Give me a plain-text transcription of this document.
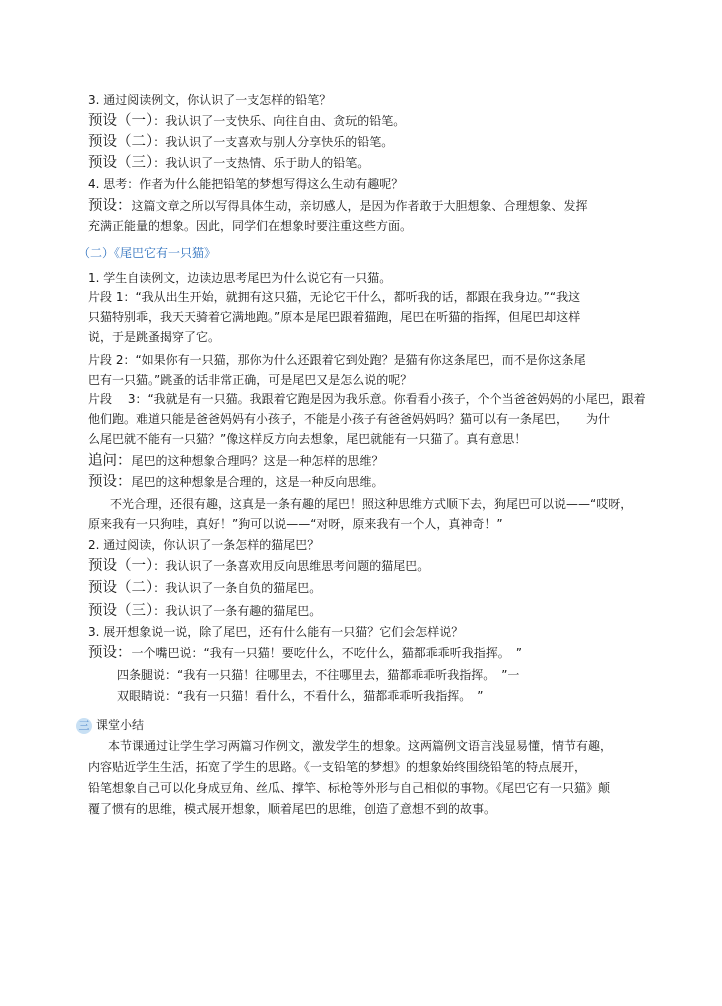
3. 通过阅读例文，你认识了一支怎样的铅笔？
预设（一）：我认识了一支快乐、向往自由、贪玩的铅笔。
预设（二）：我认识了一支喜欢与别人分享快乐的铅笔。
预设（三）：我认识了一支热情、乐于助人的铅笔。
4. 思考：作者为什么能把铅笔的梦想写得这么生动有趣呢？
预设：这篇文章之所以写得具体生动，亲切感人，是因为作者敢于大胆想象、合理想象、发挥
充满正能量的想象。因此，同学们在想象时要注重这些方面。
（二）《尾巴它有一只猫》
1. 学生自读例文，边读边思考尾巴为什么说它有一只猫。
片段 1：“我从出生开始，就拥有这只猫，无论它干什么，都听我的话，都跟在我身边。”“我这
只猫特别乖，我天天骑着它满地跑。”原本是尾巴跟着猫跑，尾巴在听猫的指挥，但尾巴却这样
说，于是跳蚤揭穿了它。
片段 2：“如果你有一只猫，那你为什么还跟着它到处跑？是猫有你这条尾巴，而不是你这条尾
巴有一只猫。”跳蚤的话非常正确，可是尾巴又是怎么说的呢？
片段　 3：“我就是有一只猫。我跟着它跑是因为我乐意。你看看小孩子，个个当爸爸妈妈的小尾巴，跟着
他们跑。难道只能是爸爸妈妈有小孩子，不能是小孩子有爸爸妈妈吗？猫可以有一条尾巴，　　为什
么尾巴就不能有一只猫？”像这样反方向去想象，尾巴就能有一只猫了。真有意思！
追问：尾巴的这种想象合理吗？这是一种怎样的思维？
预设：尾巴的这种想象是合理的，这是一种反向思维。
不光合理，还很有趣，这真是一条有趣的尾巴！照这种思维方式顺下去，狗尾巴可以说——“哎呀，
原来我有一只狗哇，真好！”狗可以说——“对呀，原来我有一个人，真神奇！”
2. 通过阅读，你认识了一条怎样的猫尾巴？
预设（一）：我认识了一条喜欢用反向思维思考问题的猫尾巴。
预设（二）：我认识了一条自负的猫尾巴。
预设（三）：我认识了一条有趣的猫尾巴。
3. 展开想象说一说，除了尾巴，还有什么能有一只猫？它们会怎样说？
预设：一个嘴巴说：“我有一只猫！要吃什么，不吃什么，猫都乖乖听我指挥。　”
四条腿说：“我有一只猫！往哪里去，不往哪里去，猫都乖乖听我指挥。　”一
双眼睛说：“我有一只猫！看什么，不看什么，猫都乖乖听我指挥。　”
三 课堂小结
本节课通过让学生学习两篇习作例文，激发学生的想象。这两篇例文语言浅显易懂，情节有趣，
内容贴近学生生活，拓宽了学生的思路。《一支铅笔的梦想》的想象始终围绕铅笔的特点展开，
铅笔想象自己可以化身成豆角、丝瓜、撑竿、标枪等外形与自己相似的事物。《尾巴它有一只猫》颠
覆了惯有的思维，模式展开想象，顺着尾巴的思维，创造了意想不到的故事。
